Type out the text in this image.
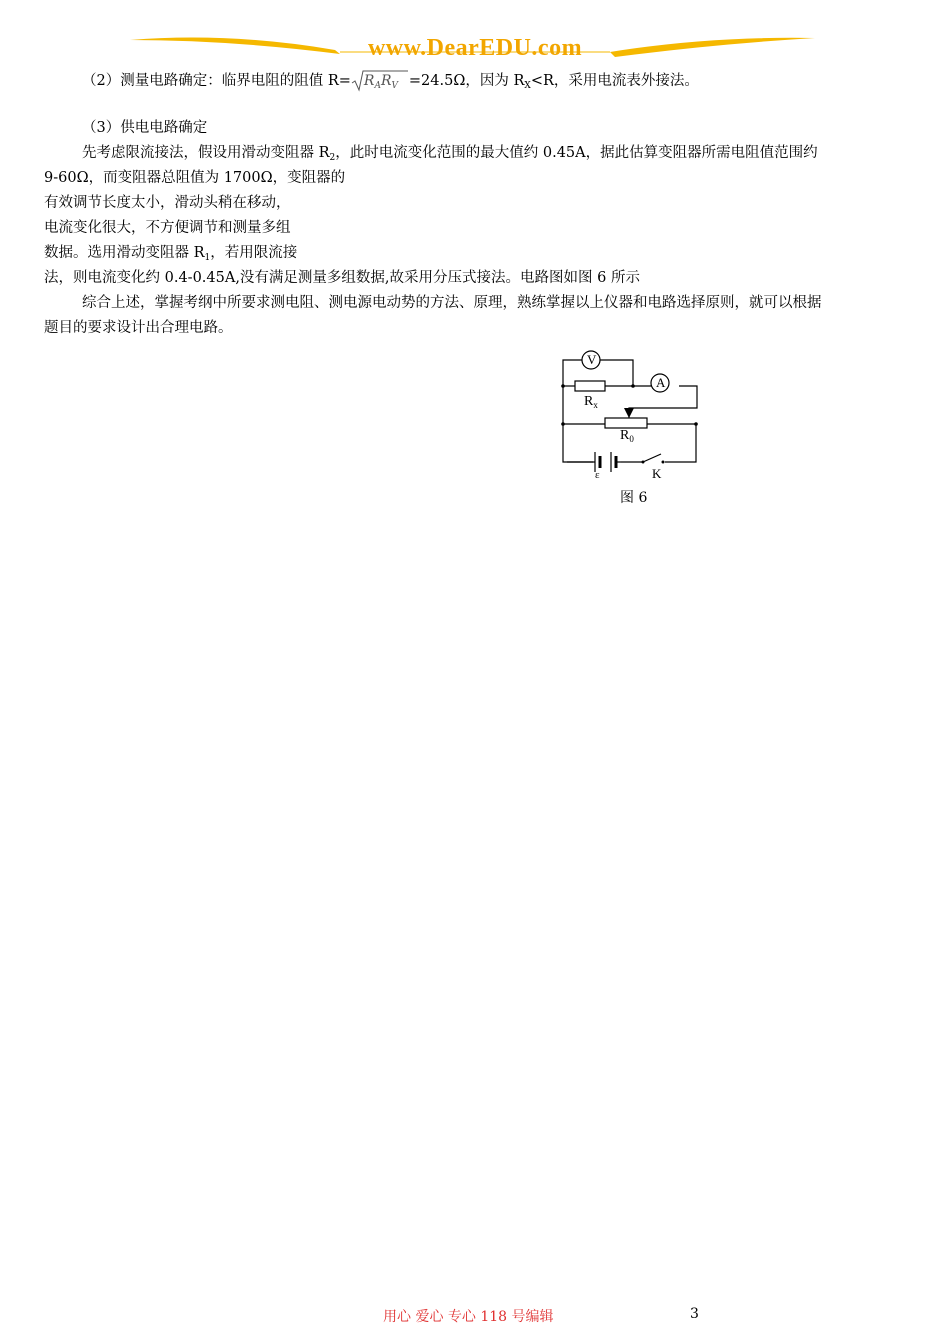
www.DearEDU.com
（2）测量电路确定：临界电阻的阻值 $R= R_AR_V =24.5\Omega$，因为 $R_X<R$，采用电流表外接法。
（3）供电电路确定
先考虑限流接法，假设用滑动变阻器 $R_2$，此时电流变化范围的最大值约 0.45A，据此估算变阻器所需电阻值范围约
9-60Ω，而变阻器总阻值为 1700Ω，变阻器的
有效调节长度太小，滑动头稍在移动，
电流变化很大，不方便调节和测量多组
数据。选用滑动变阻器 $R_1$，若用限流接
法，则电流变化约 0.4-0.45A,没有满足测量多组数据,故采用分压式接法。电路图如图 6 所示
综合上述，掌握考纲中所要求测电阻、测电源电动势的方法、原理，熟练掌握以上仪器和电路选择原则，就可以根据
题目的要求设计出合理电路。
V
A
$R_x$
$R_0$
ε	K
图 6
用心 爱心 专心 118 号编辑	3
